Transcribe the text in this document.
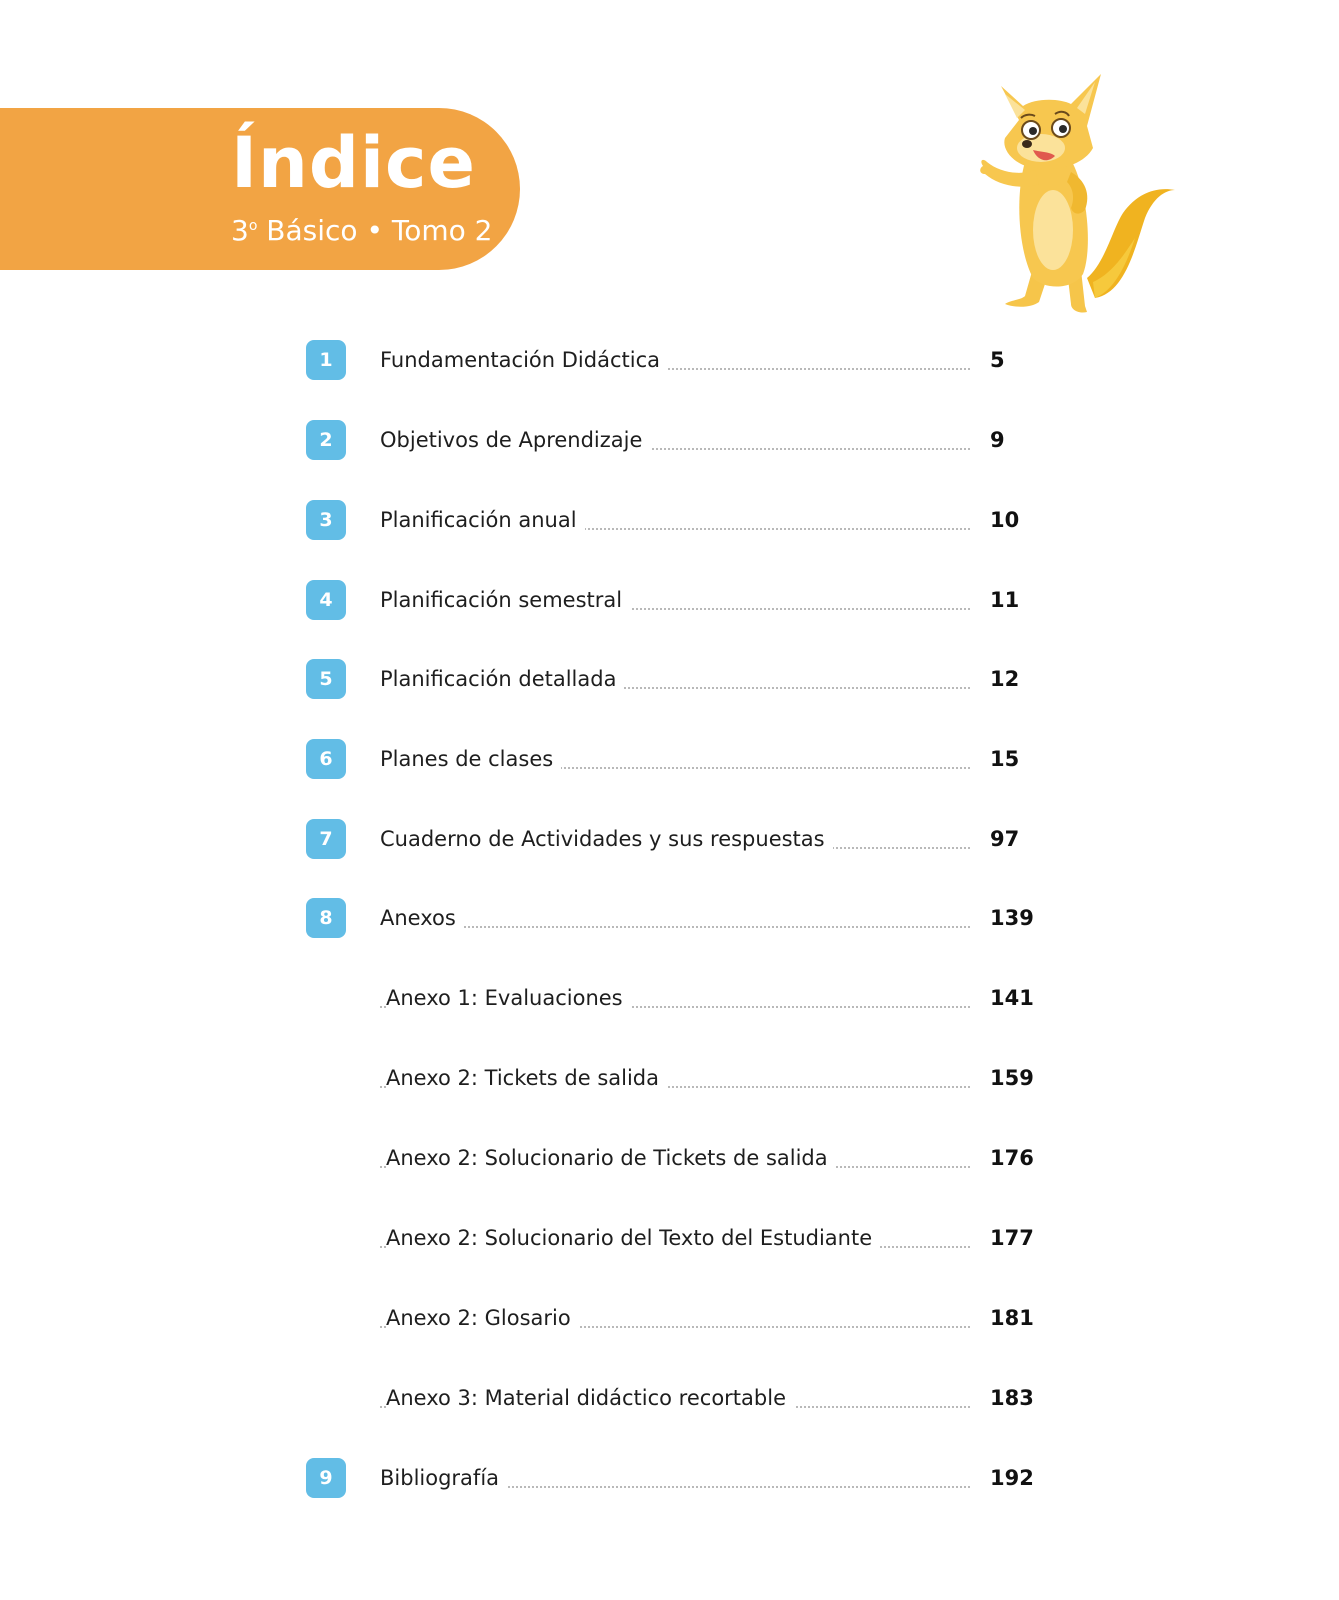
Índice
3$^o$ Básico • Tomo 2
1	Fundamentación Didáctica	5
2	Objetivos de Aprendizaje	9
3	Planificación anual	10
4	Planificación semestral	11
5	Planificación detallada	12
6	Planes de clases	15
7	Cuaderno de Actividades y sus respuestas	97
8	Anexos	139
Anexo 1: Evaluaciones	141
Anexo 2: Tickets de salida	159
Anexo 2: Solucionario de Tickets de salida	176
Anexo 2: Solucionario del Texto del Estudiante	177
Anexo 2: Glosario	181
Anexo 3: Material didáctico recortable	183
9	Bibliografía	192
